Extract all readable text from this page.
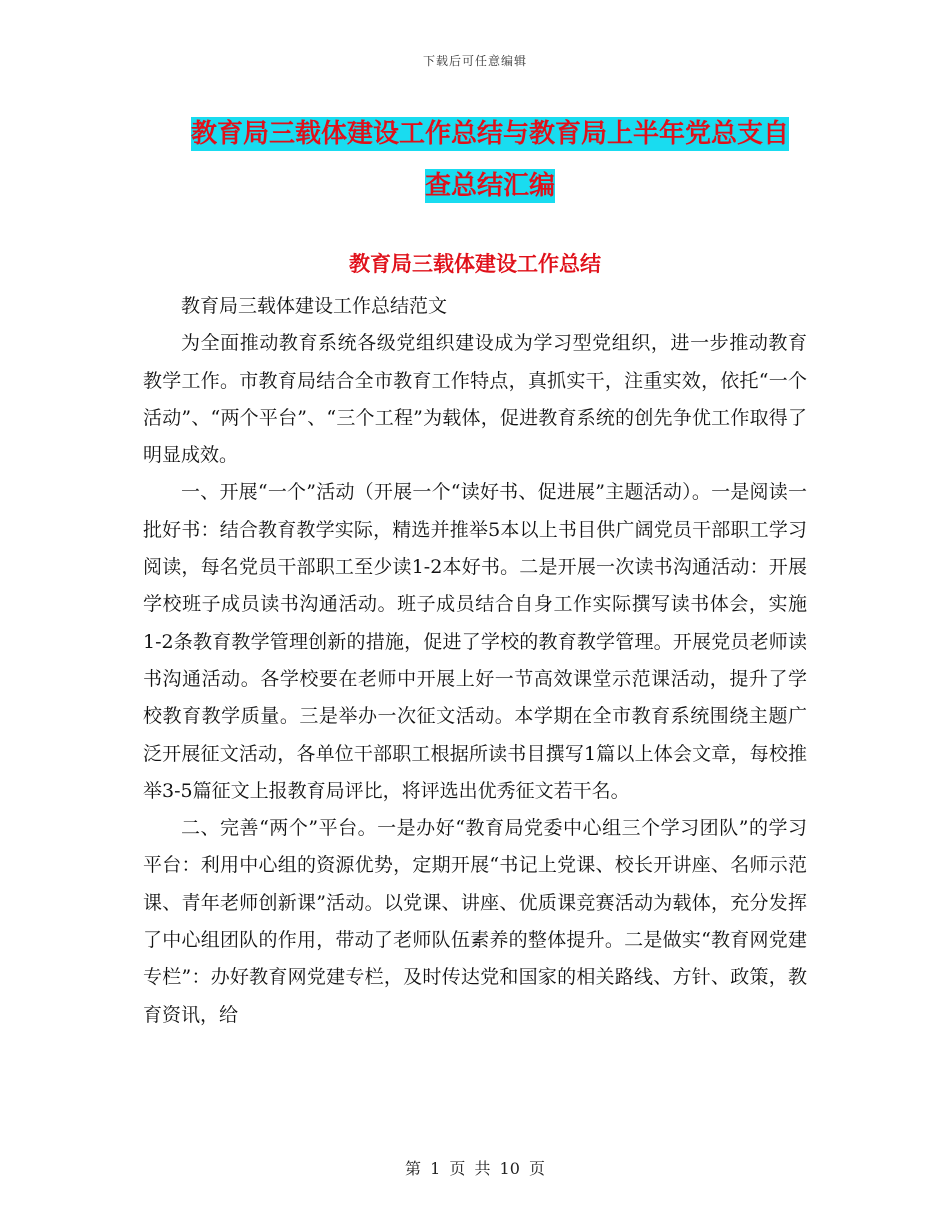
下载后可任意编辑
教育局三载体建设工作总结与教育局上半年党总支自
查总结汇编
教育局三载体建设工作总结

教育局三载体建设工作总结范文

为全面推动教育系统各级党组织建设成为学习型党组织，进一步推动教育教学工作。市教育局结合全市教育工作特点，真抓实干，注重实效，依托“一个活动”、“两个平台”、“三个工程”为载体，促进教育系统的创先争优工作取得了明显成效。

一、开展“一个”活动（开展一个“读好书、促进展”主题活动）。一是阅读一批好书：结合教育教学实际，精选并推举5本以上书目供广阔党员干部职工学习阅读，每名党员干部职工至少读1-2本好书。二是开展一次读书沟通活动：开展学校班子成员读书沟通活动。班子成员结合自身工作实际撰写读书体会，实施1-2条教育教学管理创新的措施，促进了学校的教育教学管理。开展党员老师读书沟通活动。各学校要在老师中开展上好一节高效课堂示范课活动，提升了学校教育教学质量。三是举办一次征文活动。本学期在全市教育系统围绕主题广泛开展征文活动，各单位干部职工根据所读书目撰写1篇以上体会文章，每校推举3-5篇征文上报教育局评比，将评选出优秀征文若干名。

二、完善“两个”平台。一是办好“教育局党委中心组三个学习团队”的学习平台：利用中心组的资源优势，定期开展“书记上党课、校长开讲座、名师示范课、青年老师创新课”活动。以党课、讲座、优质课竞赛活动为载体，充分发挥了中心组团队的作用，带动了老师队伍素养的整体提升。二是做实“教育网党建专栏”：办好教育网党建专栏，及时传达党和国家的相关路线、方针、政策，教育资讯，给

第 1 页 共 10 页
